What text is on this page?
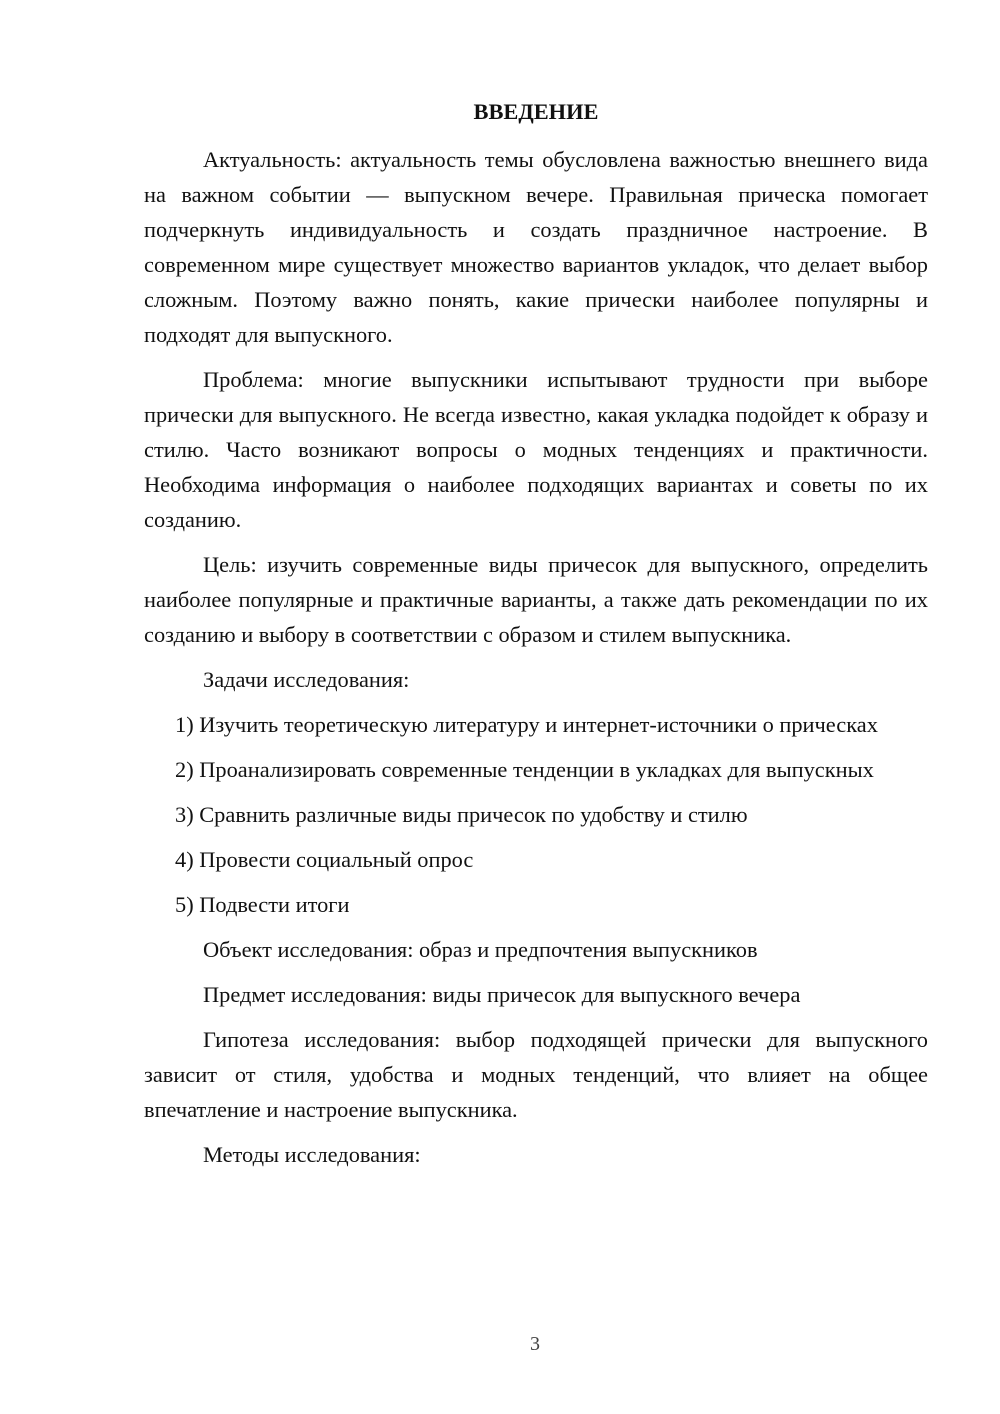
ВВЕДЕНИЕ

Актуальность: актуальность темы обусловлена важностью внешнего вида на важном событии — выпускном вечере. Правильная прическа помогает подчеркнуть индивидуальность и создать праздничное настроение. В современном мире существует множество вариантов укладок, что делает выбор сложным. Поэтому важно понять, какие прически наиболее популярны и подходят для выпускного.

Проблема: многие выпускники испытывают трудности при выборе прически для выпускного. Не всегда известно, какая укладка подойдет к образу и стилю. Часто возникают вопросы о модных тенденциях и практичности. Необходима информация о наиболее подходящих вариантах и советы по их созданию.

Цель: изучить современные виды причесок для выпускного, определить наиболее популярные и практичные варианты, а также дать рекомендации по их созданию и выбору в соответствии с образом и стилем выпускника.

Задачи исследования:

1) Изучить теоретическую литературу и интернет-источники о прическах

2) Проанализировать современные тенденции в укладках для выпускных

3) Сравнить различные виды причесок по удобству и стилю

4) Провести социальный опрос

5) Подвести итоги

Объект исследования: образ и предпочтения выпускников

Предмет исследования: виды причесок для выпускного вечера

Гипотеза исследования: выбор подходящей прически для выпускного зависит от стиля, удобства и модных тенденций, что влияет на общее впечатление и настроение выпускника.

Методы исследования:

3
